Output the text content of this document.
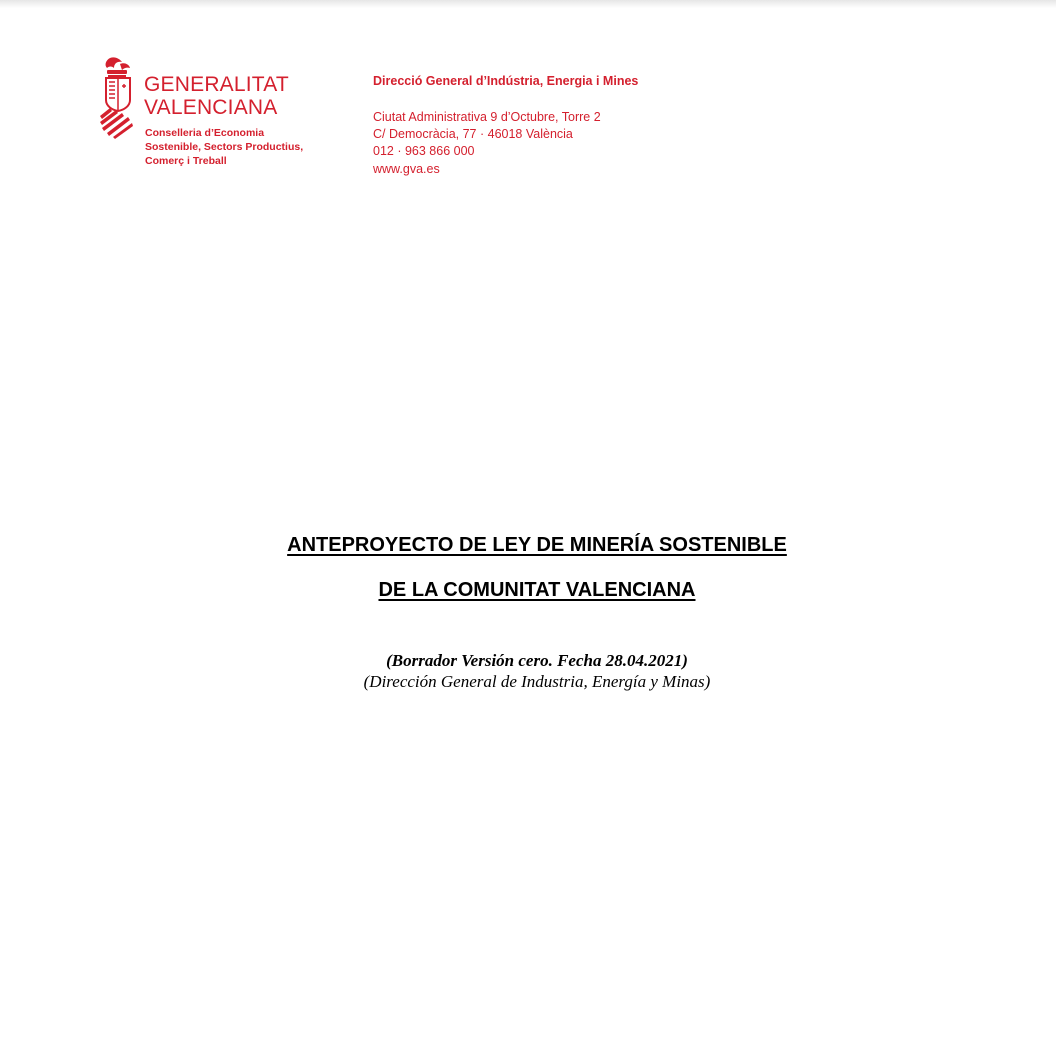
GENERALITAT
VALENCIANA
Conselleria d’Economia
Sostenible, Sectors Productius,
Comerç i Treball
Direcció General d’Indústria, Energia i Mines
Ciutat Administrativa 9 d’Octubre, Torre 2
C/ Democràcia, 77 · 46018 València
012 · 963 866 000
www.gva.es
ANTEPROYECTO DE LEY DE MINERÍA SOSTENIBLE
DE LA COMUNITAT VALENCIANA
(Borrador Versión cero. Fecha 28.04.2021)
(Dirección General de Industria, Energía y Minas)
